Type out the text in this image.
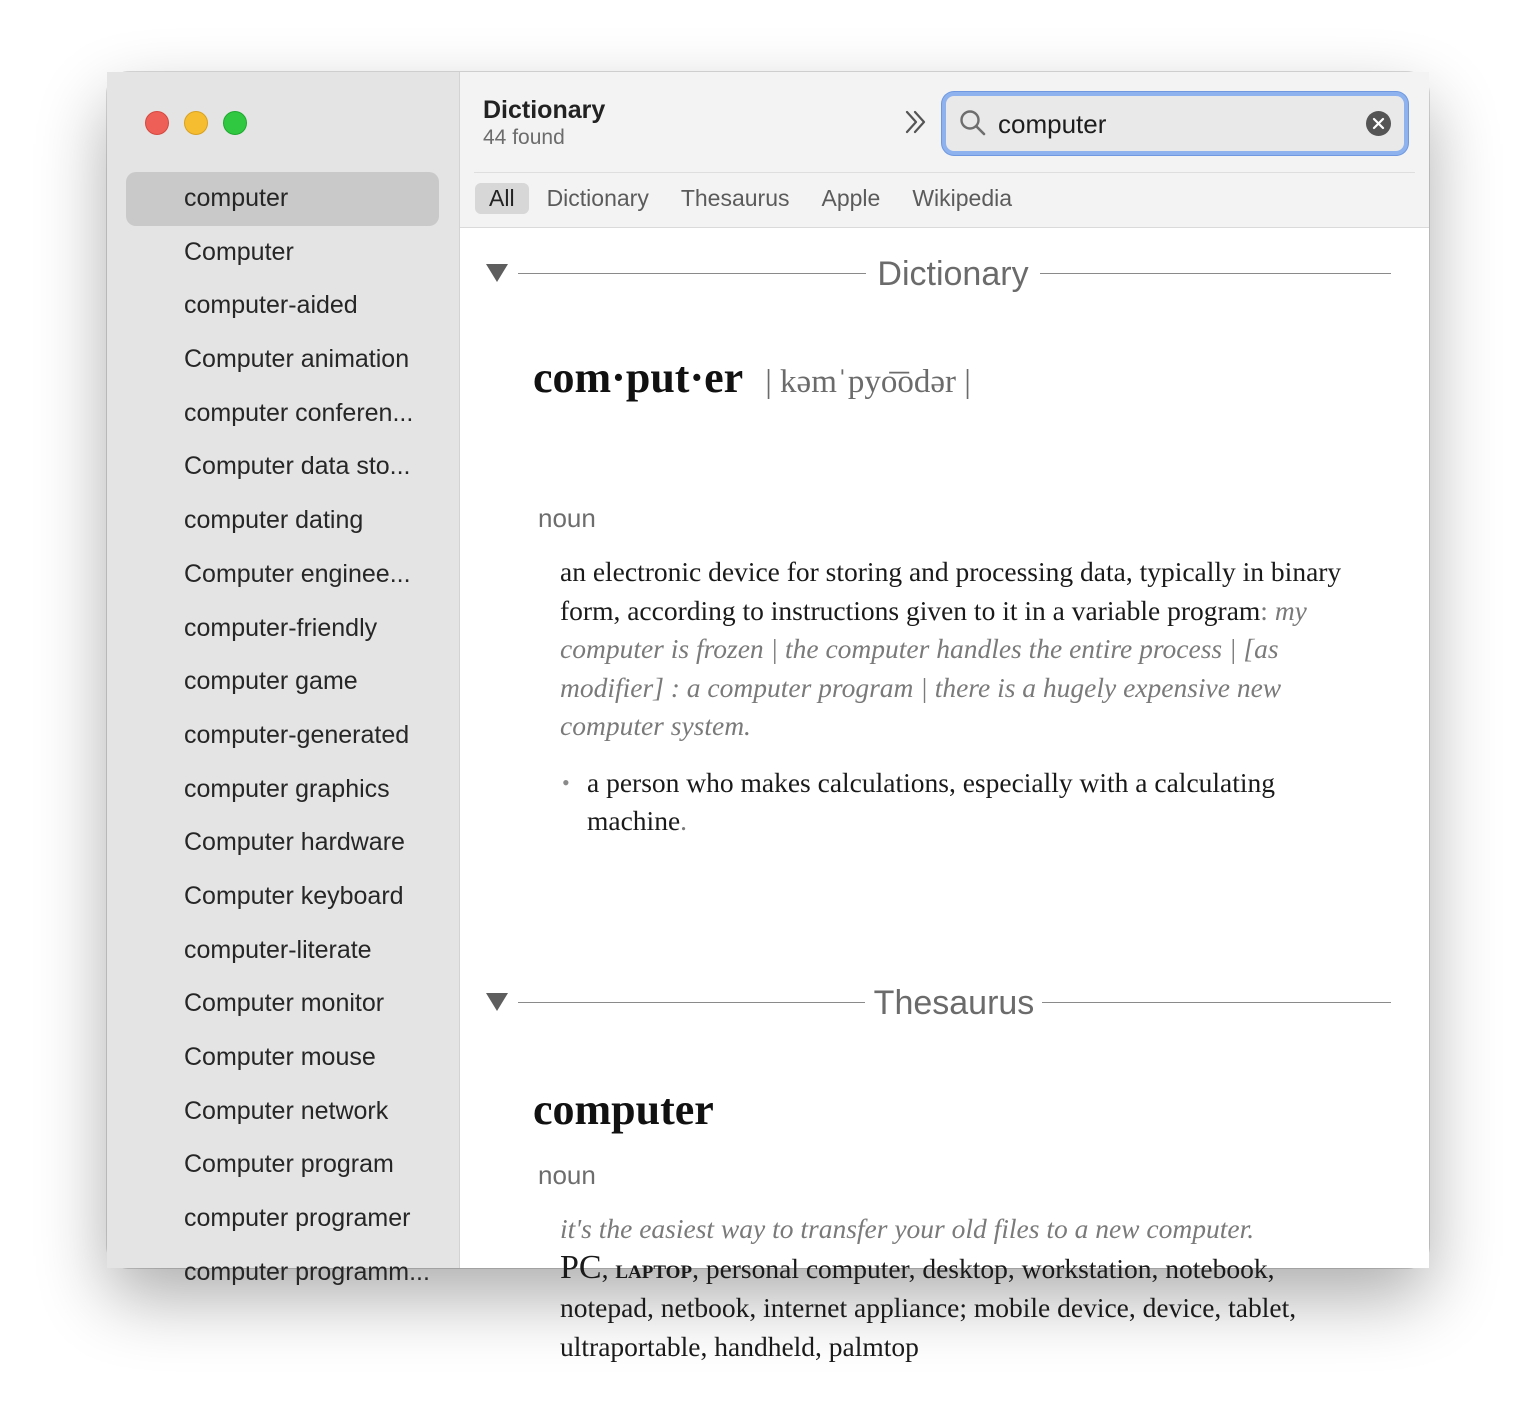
computer
Computer
computer-aided
Computer animation
computer conferen...
Computer data sto...
computer dating
Computer enginee...
computer-friendly
computer game
computer-generated
computer graphics
Computer hardware
Computer keyboard
computer-literate
Computer monitor
Computer mouse
Computer network
Computer program
computer programer
computer programm...
Dictionary
44 found
computer
All	Dictionary	Thesaurus	Apple	Wikipedia
Dictionary
com·put·er | kəmˈpyo͞odər |
noun
an electronic device for storing and processing data, typically in binary form, according to instructions given to it in a variable program: my computer is frozen | the computer handles the entire process | [as modifier] : a computer program | there is a hugely expensive new computer system.
• a person who makes calculations, especially with a calculating machine.
Thesaurus
computer
noun
it's the easiest way to transfer your old files to a new computer.
PC, laptop, personal computer, desktop, workstation, notebook, notepad, netbook, internet appliance; mobile device, device, tablet, ultraportable, handheld, palmtop
